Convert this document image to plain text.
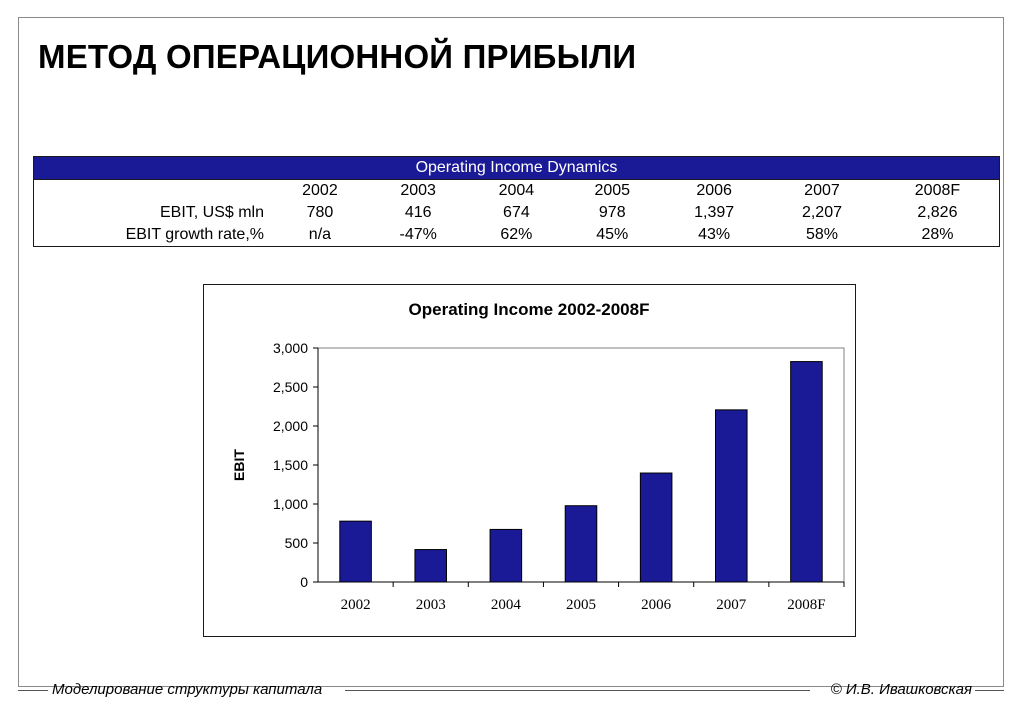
МЕТОД ОПЕРАЦИОННОЙ ПРИБЫЛИ
Operating Income Dynamics
	2002	2003	2004	2005	2006	2007	2008F
EBIT, US$ mln	780	416	674	978	1,397	2,207	2,826
EBIT growth rate,%	n/a	-47%	62%	45%	43%	58%	28%
Operating Income 2002-2008F
EBIT
0
500
1,000
1,500
2,000
2,500
3,000
2002	2003	2004	2005	2006	2007	2008F
Моделирование структуры капитала	© И.В. Ивашковская
